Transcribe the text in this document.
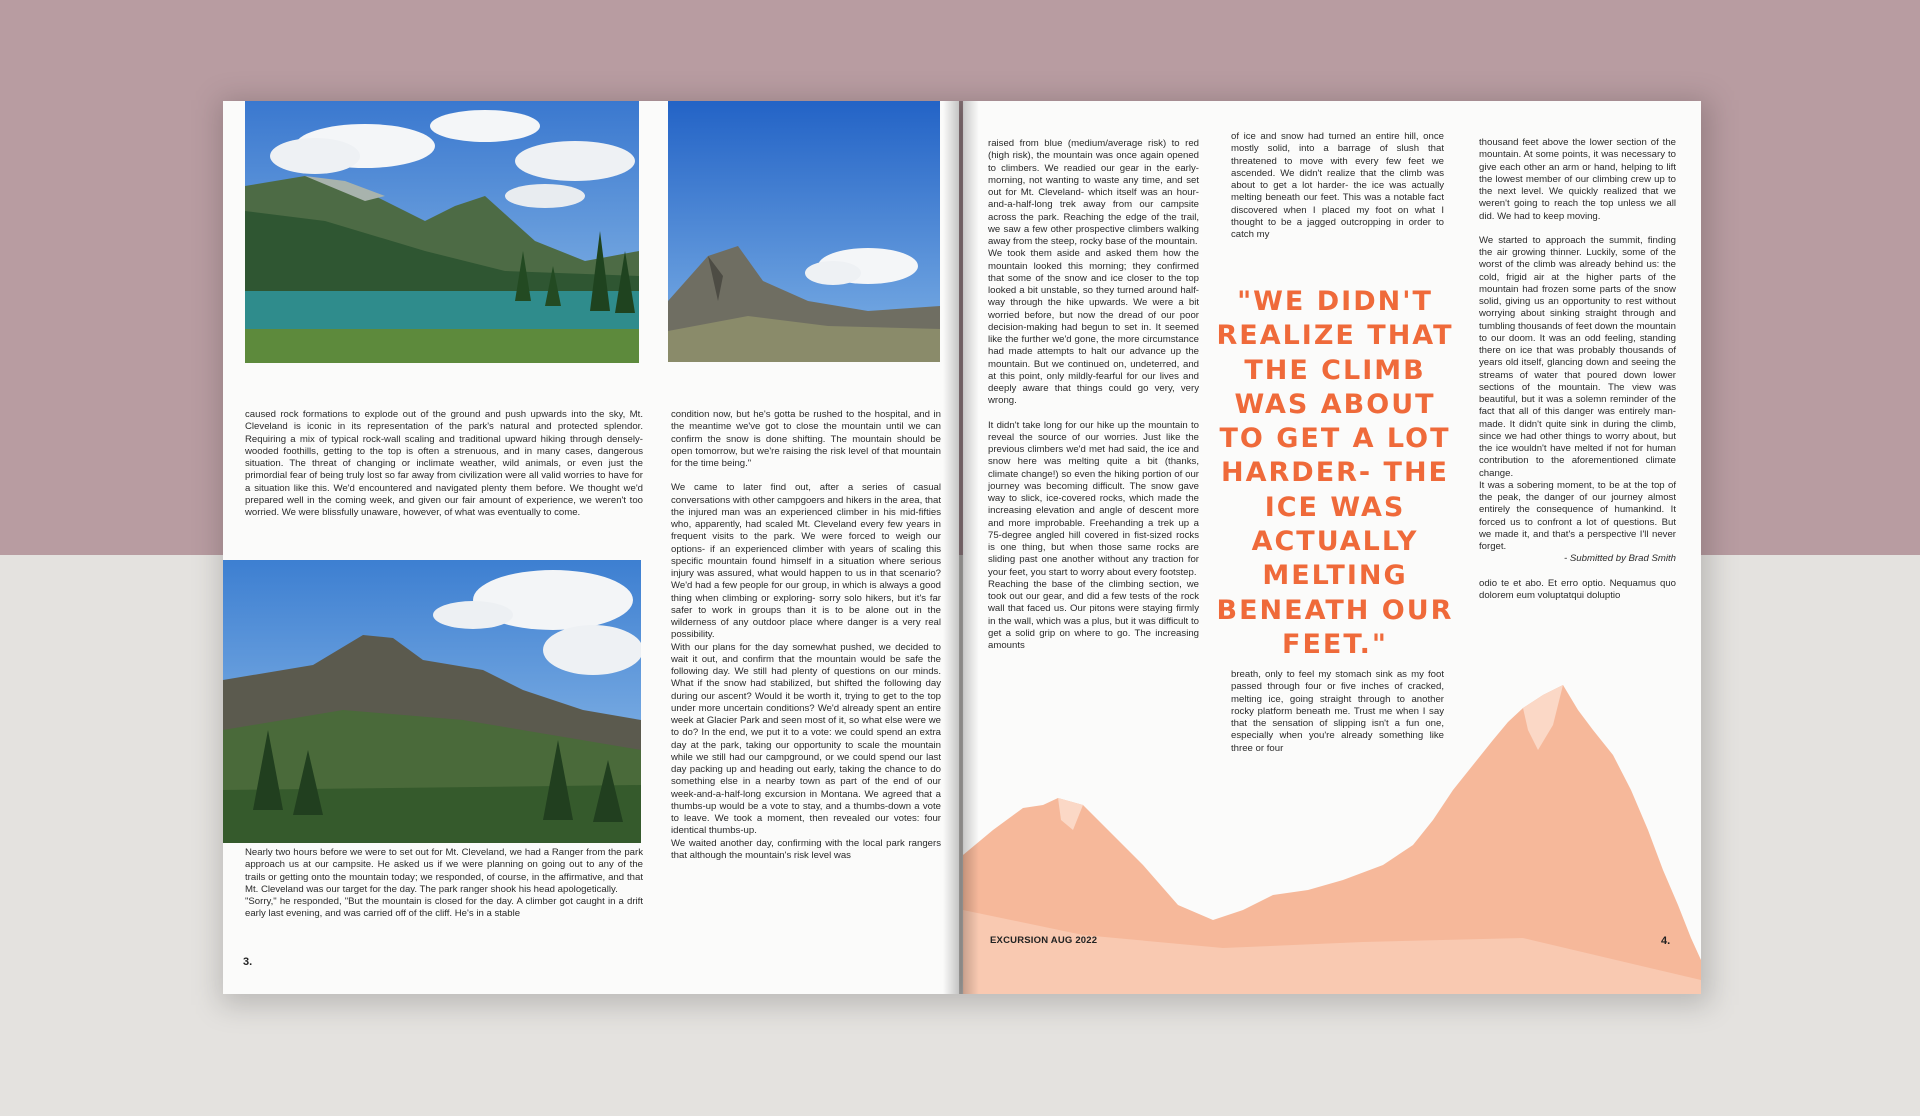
caused rock formations to explode out of the ground and push upwards into the sky, Mt. Cleveland is iconic in its representation of the park's natural and protected splendor. Requiring a mix of typical rock-wall scaling and traditional upward hiking through densely-wooded foothills, getting to the top is often a strenuous, and in many cases, dangerous situation. The threat of changing or inclimate weather, wild animals, or even just the primordial fear of being truly lost so far away from civilization were all valid worries to have for a situation like this. We'd encountered and navigated plenty them before. We thought we'd prepared well in the coming week, and given our fair amount of experience, we weren't too worried. We were blissfully unaware, however, of what was eventually to come.

Nearly two hours before we were to set out for Mt. Cleveland, we had a Ranger from the park approach us at our campsite. He asked us if we were planning on going out to any of the trails or getting onto the mountain today; we responded, of course, in the affirmative, and that Mt. Cleveland was our target for the day. The park ranger shook his head apologetically.

"Sorry," he responded, "But the mountain is closed for the day. A climber got caught in a drift early last evening, and was carried off of the cliff. He's in a stable

condition now, but he's gotta be rushed to the hospital, and in the meantime we've got to close the mountain until we can confirm the snow is done shifting. The mountain should be open tomorrow, but we're raising the risk level of that mountain for the time being."

We came to later find out, after a series of casual conversations with other campgoers and hikers in the area, that the injured man was an experienced climber in his mid-fifties who, apparently, had scaled Mt. Cleveland every few years in frequent visits to the park. We were forced to weigh our options- if an experienced climber with years of scaling this specific mountain found himself in a situation where serious injury was assured, what would happen to us in that scenario? We'd had a few people for our group, in which is always a good thing when climbing or exploring- sorry solo hikers, but it's far safer to work in groups than it is to be alone out in the wilderness of any outdoor place where danger is a very real possibility.

With our plans for the day somewhat pushed, we decided to wait it out, and confirm that the mountain would be safe the following day. We still had plenty of questions on our minds. What if the snow had stabilized, but shifted the following day during our ascent? Would it be worth it, trying to get to the top under more uncertain conditions? We'd already spent an entire week at Glacier Park and seen most of it, so what else were we to do? In the end, we put it to a vote: we could spend an extra day at the park, taking our opportunity to scale the mountain while we still had our campground, or we could spend our last day packing up and heading out early, taking the chance to do something else in a nearby town as part of the end of our week-and-a-half-long excursion in Montana. We agreed that a thumbs-up would be a vote to stay, and a thumbs-down a vote to leave. We took a moment, then revealed our votes: four identical thumbs-up.

We waited another day, confirming with the local park rangers that although the mountain's risk level was

3.

raised from blue (medium/average risk) to red (high risk), the mountain was once again opened to climbers. We readied our gear in the early-morning, not wanting to waste any time, and set out for Mt. Cleveland- which itself was an hour-and-a-half-long trek away from our campsite across the park. Reaching the edge of the trail, we saw a few other prospective climbers walking away from the steep, rocky base of the mountain.

We took them aside and asked them how the mountain looked this morning; they confirmed that some of the snow and ice closer to the top looked a bit unstable, so they turned around half-way through the hike upwards. We were a bit worried before, but now the dread of our poor decision-making had begun to set in. It seemed like the further we'd gone, the more circumstance had made attempts to halt our advance up the mountain. But we continued on, undeterred, and at this point, only mildly-fearful for our lives and deeply aware that things could go very, very wrong.

It didn't take long for our hike up the mountain to reveal the source of our worries. Just like the previous climbers we'd met had said, the ice and snow here was melting quite a bit (thanks, climate change!) so even the hiking portion of our journey was becoming difficult. The snow gave way to slick, ice-covered rocks, which made the increasing elevation and angle of descent more and more improbable. Freehanding a trek up a 75-degree angled hill covered in fist-sized rocks is one thing, but when those same rocks are sliding past one another without any traction for your feet, you start to worry about every footstep.

Reaching the base of the climbing section, we took out our gear, and did a few tests of the rock wall that faced us. Our pitons were staying firmly in the wall, which was a plus, but it was difficult to get a solid grip on where to go. The increasing amounts

of ice and snow had turned an entire hill, once mostly solid, into a barrage of slush that threatened to move with every few feet we ascended. We didn't realize that the climb was about to get a lot harder- the ice was actually melting beneath our feet. This was a notable fact discovered when I placed my foot on what I thought to be a jagged outcropping in order to catch my

"WE DIDN'T REALIZE THAT THE CLIMB WAS ABOUT TO GET A LOT HARDER- THE ICE WAS ACTUALLY MELTING BENEATH OUR FEET."

breath, only to feel my stomach sink as my foot passed through four or five inches of cracked, melting ice, going straight through to another rocky platform beneath me. Trust me when I say that the sensation of slipping isn't a fun one, especially when you're already something like three or four

thousand feet above the lower section of the mountain. At some points, it was necessary to give each other an arm or hand, helping to lift the lowest member of our climbing crew up to the next level. We quickly realized that we weren't going to reach the top unless we all did. We had to keep moving.

We started to approach the summit, finding the air growing thinner. Luckily, some of the worst of the climb was already behind us: the cold, frigid air at the higher parts of the mountain had frozen some parts of the snow solid, giving us an opportunity to rest without worrying about sinking straight through and tumbling thousands of feet down the mountain to our doom. It was an odd feeling, standing there on ice that was probably thousands of years old itself, glancing down and seeing the streams of water that poured down lower sections of the mountain. The view was beautiful, but it was a solemn reminder of the fact that all of this danger was entirely man-made. It didn't quite sink in during the climb, since we had other things to worry about, but the ice wouldn't have melted if not for human contribution to the aforementioned climate change.

It was a sobering moment, to be at the top of the peak, the danger of our journey almost entirely the consequence of humankind. It forced us to confront a lot of questions. But we made it, and that's a perspective I'll never forget.

- Submitted by Brad Smith

odio te et abo. Et erro optio. Nequamus quo dolorem eum voluptatqui doluptio

EXCURSION AUG 2022	4.
